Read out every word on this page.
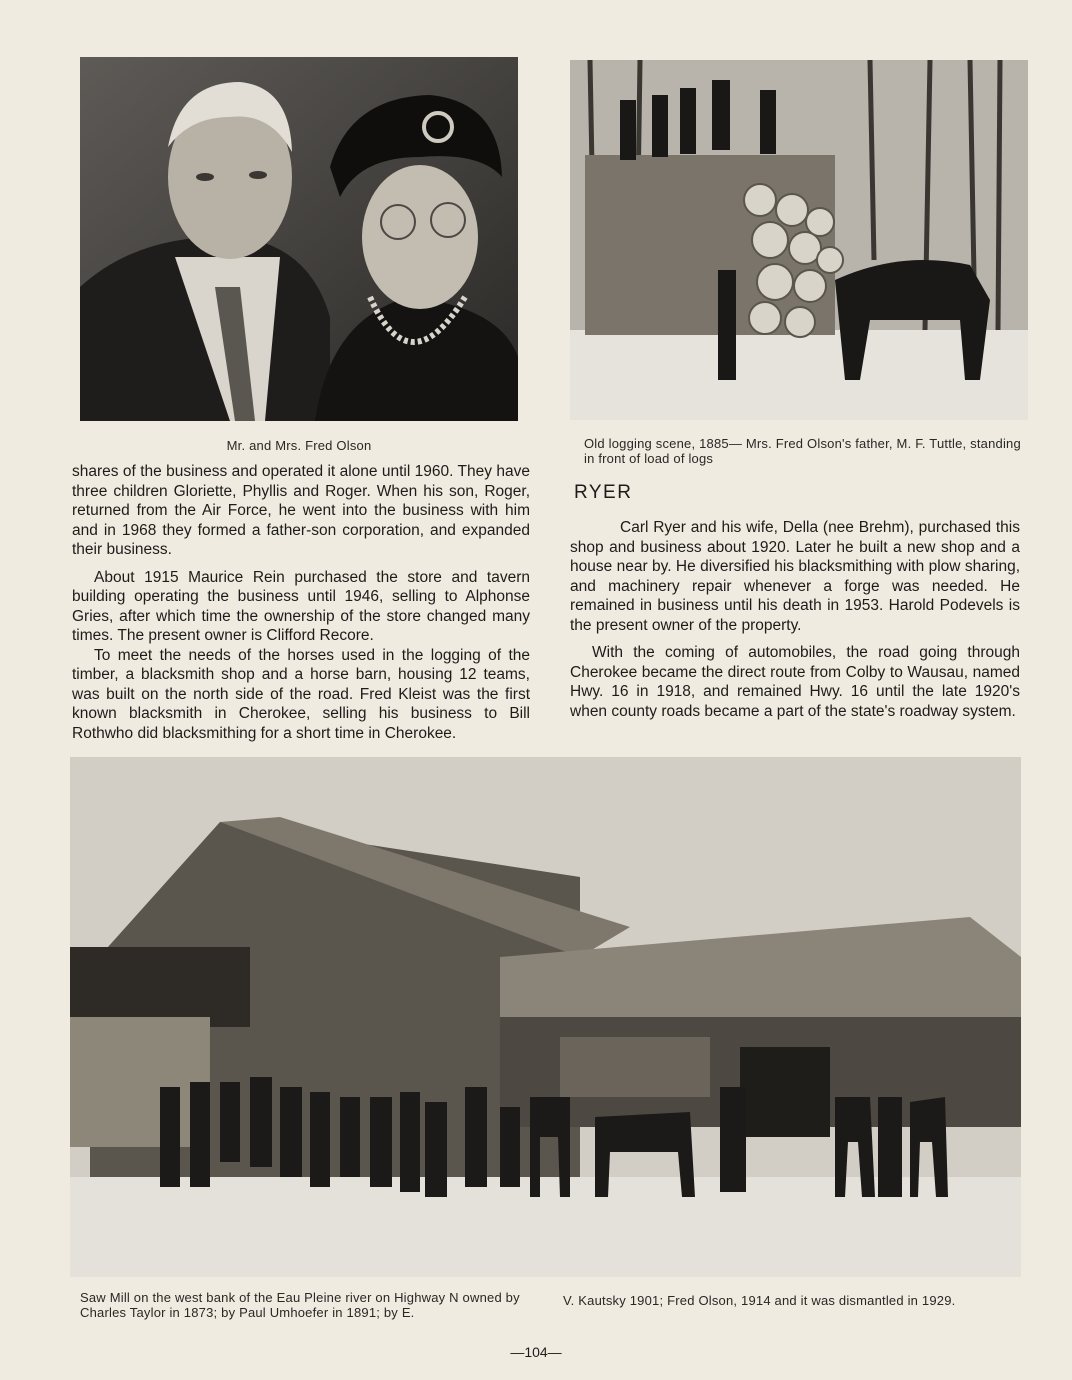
Mr. and Mrs. Fred Olson	Old logging scene, 1885— Mrs. Fred Olson's father, M. F. Tuttle, standing in front of load of logs

shares of the business and operated it alone until 1960. They have three children Gloriette, Phyllis and Roger. When his son, Roger, returned from the Air Force, he went into the business with him and in 1968 they formed a father-son corporation, and expanded their business.

About 1915 Maurice Rein purchased the store and tavern building operating the business until 1946, selling to Alphonse Gries, after which time the ownership of the store changed many times. The present owner is Clifford Recore.

To meet the needs of the horses used in the logging of the timber, a blacksmith shop and a horse barn, housing 12 teams, was built on the north side of the road. Fred Kleist was the first known blacksmith in Cherokee, selling his business to Bill Rothwho did blacksmithing for a short time in Cherokee.

RYER

Carl Ryer and his wife, Della (nee Brehm), purchased this shop and business about 1920. Later he built a new shop and a house near by. He diversified his blacksmithing with plow sharing, and machinery repair whenever a forge was needed. He remained in business until his death in 1953. Harold Podevels is the present owner of the property.

With the coming of automobiles, the road going through Cherokee became the direct route from Colby to Wausau, named Hwy. 16 in 1918, and remained Hwy. 16 until the late 1920's when county roads became a part of the state's roadway system.

Saw Mill on the west bank of the Eau Pleine river on Highway N owned by Charles Taylor in 1873; by Paul Umhoefer in 1891; by E.
V. Kautsky 1901; Fred Olson, 1914 and it was dismantled in 1929.
—104—
